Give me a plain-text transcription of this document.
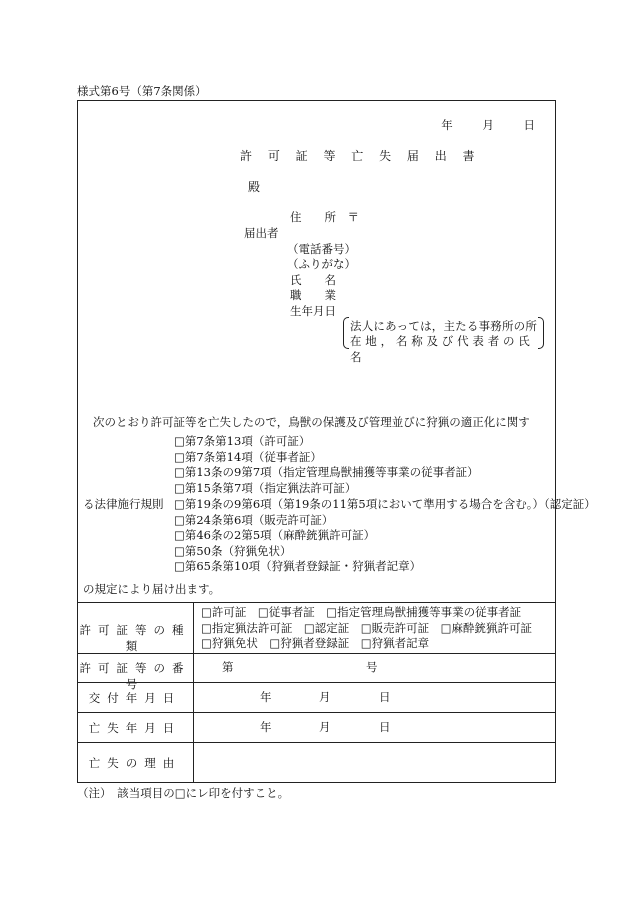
様式第6号（第7条関係）
年	月	日
許 可 証 等 亡 失 届 出 書
殿
住　　所　〒
届出者
（電話番号）
（ふりがな）
氏　　名
職　　業
生年月日
法人にあっては，主たる事務所の所
在地，名称及び代表者の氏名
次のとおり許可証等を亡失したので，鳥獣の保護及び管理並びに狩猟の適正化に関す
る法律施行規則
□第7条第13項（許可証）
□第7条第14項（従事者証）
□第13条の9第7項（指定管理鳥獣捕獲等事業の従事者証）
□第15条第7項（指定猟法許可証）
□第19条の9第6項（第19条の11第5項において準用する場合を含む。）（認定証）
□第24条第6項（販売許可証）
□第46条の2第5項（麻酔銃猟許可証）
□第50条（狩猟免状）
□第65条第10項（狩猟者登録証・狩猟者記章）
の規定により届け出ます。
許可証等の種類
□許可証　□従事者証　□指定管理鳥獣捕獲等事業の従事者証
□指定猟法許可証　□認定証　□販売許可証　□麻酔銃猟許可証
□狩猟免状　□狩猟者登録証　□狩猟者記章
許可証等の番号
第	号
交付年月日	年	月	日
亡失年月日	年	月	日
亡失の理由
（注）　該当項目の□にレ印を付すこと。
